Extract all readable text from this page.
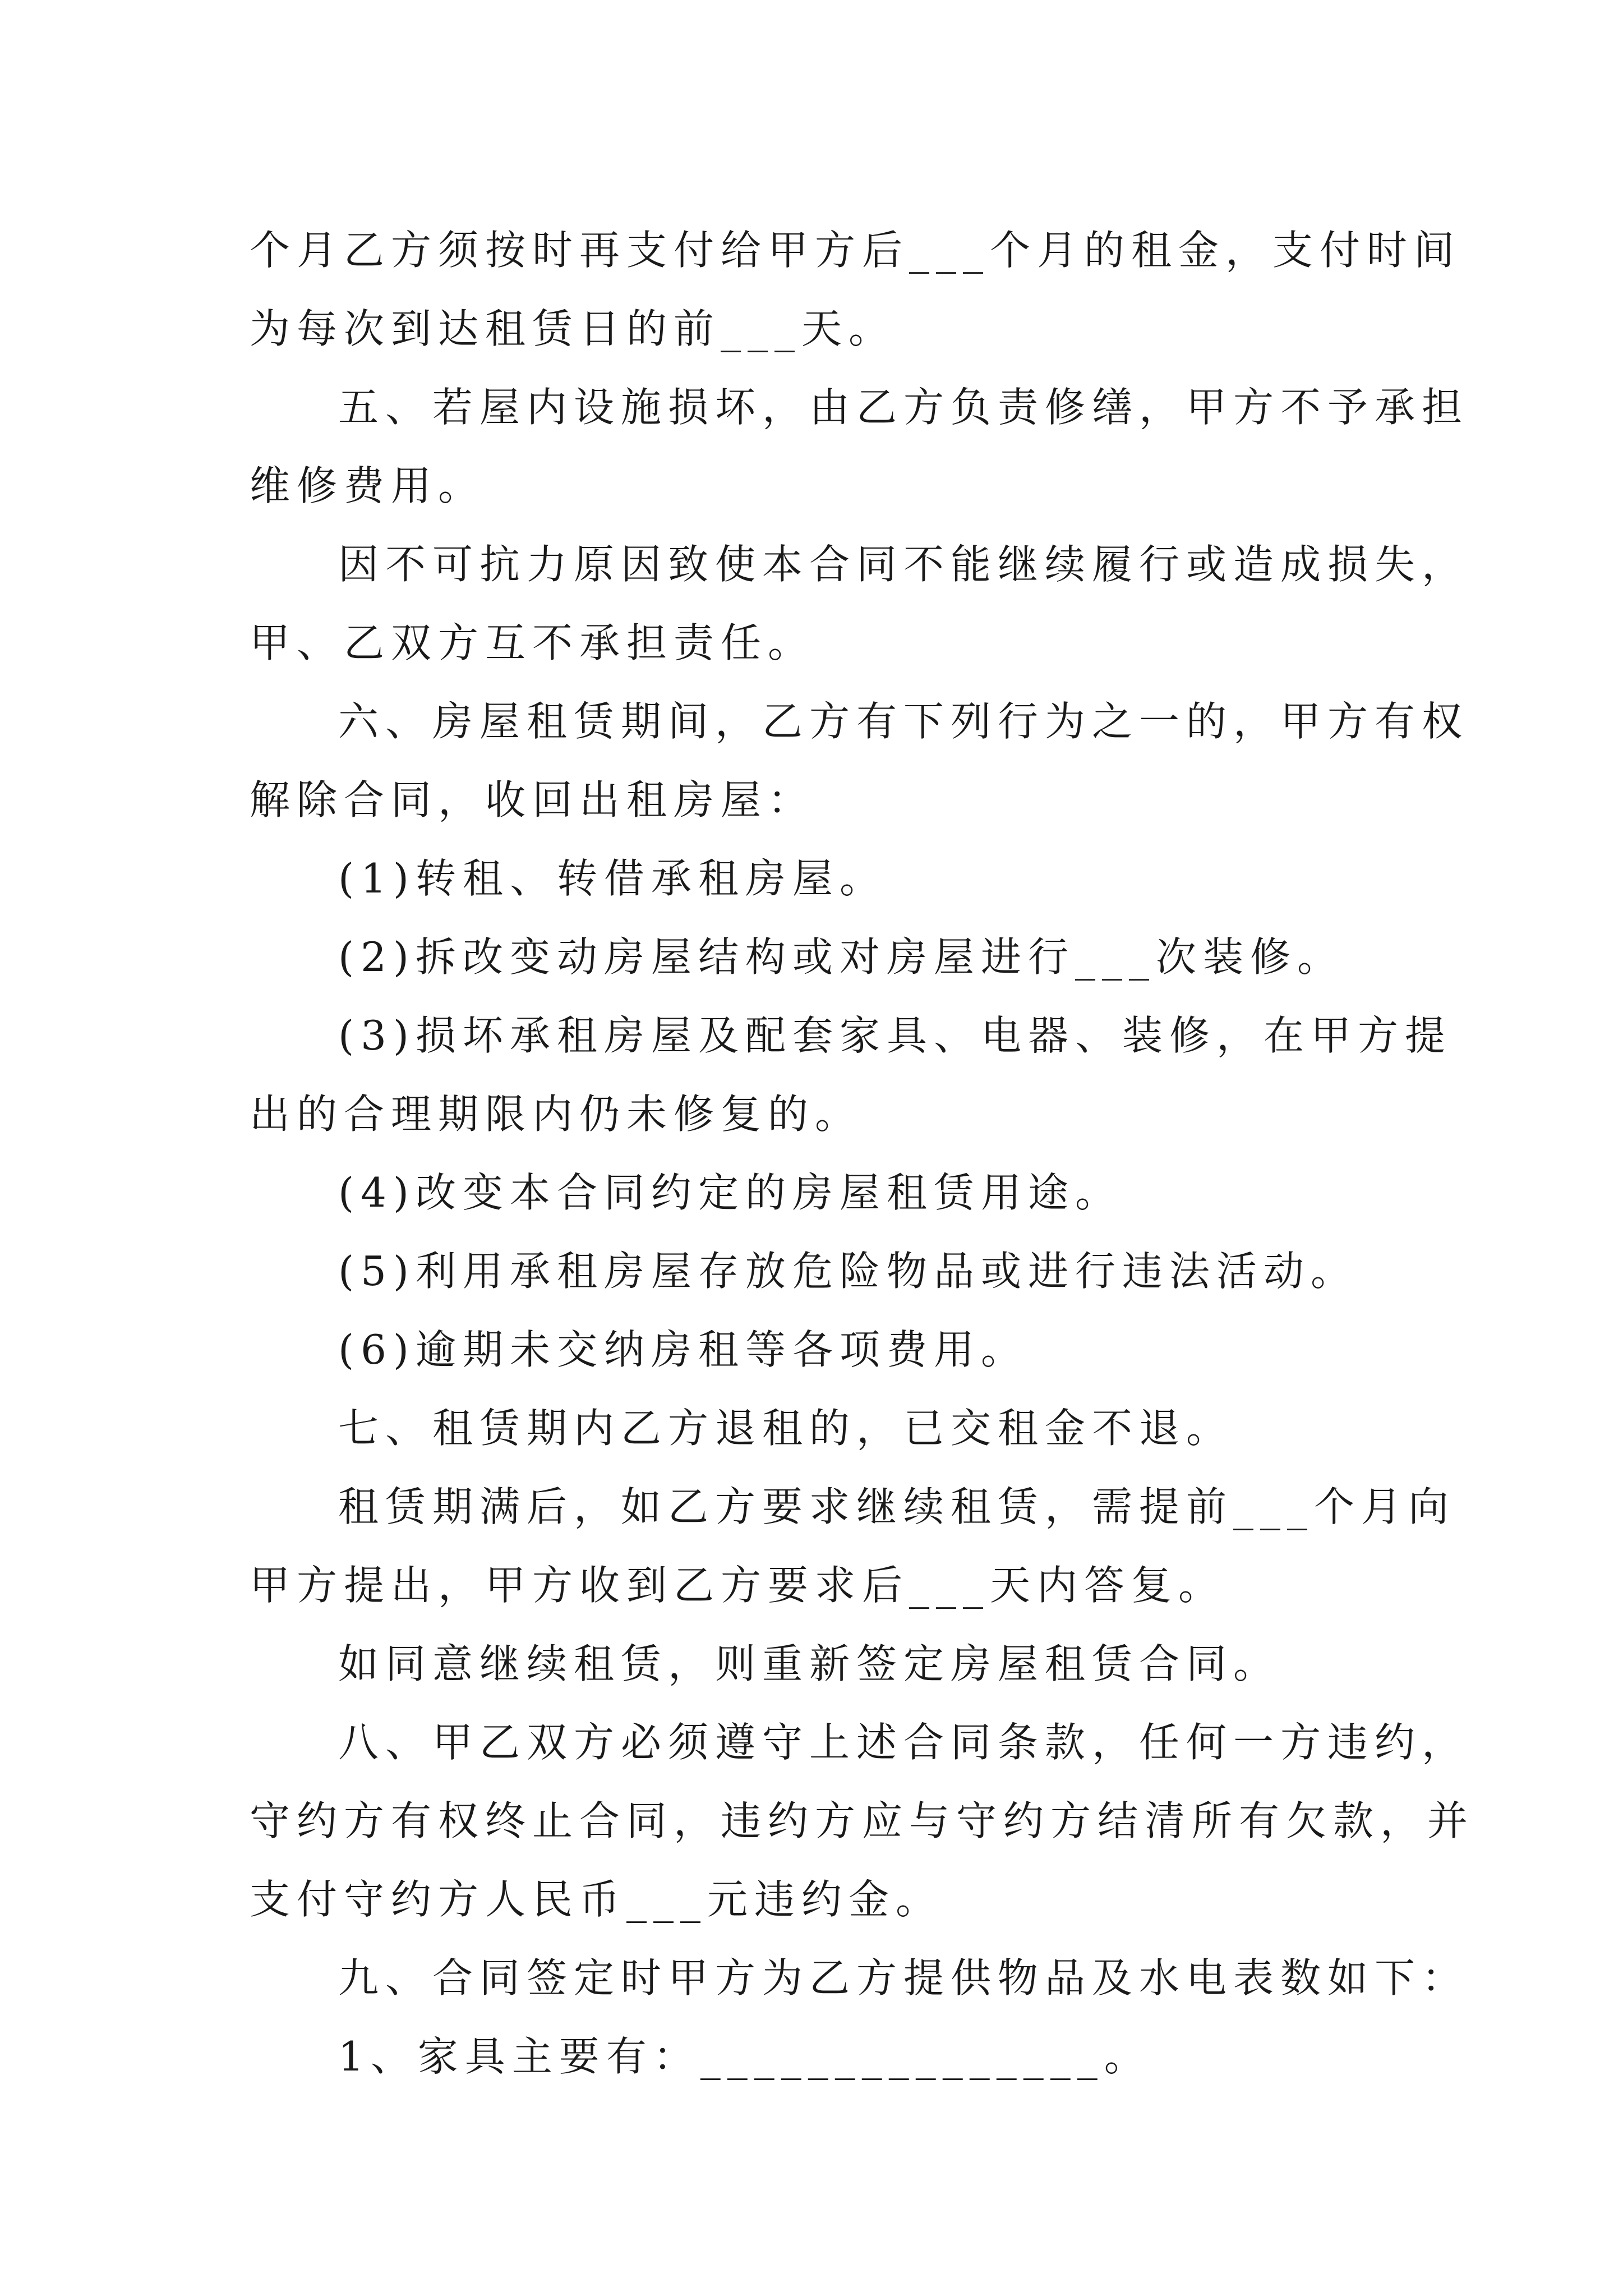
个月乙方须按时再支付给甲方后___个月的租金，支付时间
为每次到达租赁日的前___天。
五、若屋内设施损坏，由乙方负责修缮，甲方不予承担
维修费用。
因不可抗力原因致使本合同不能继续履行或造成损失，
甲、乙双方互不承担责任。
六、房屋租赁期间，乙方有下列行为之一的，甲方有权
解除合同，收回出租房屋：
(1)转租、转借承租房屋。
(2)拆改变动房屋结构或对房屋进行___次装修。
(3)损坏承租房屋及配套家具、电器、装修，在甲方提
出的合理期限内仍未修复的。
(4)改变本合同约定的房屋租赁用途。
(5)利用承租房屋存放危险物品或进行违法活动。
(6)逾期未交纳房租等各项费用。
七、租赁期内乙方退租的，已交租金不退。
租赁期满后，如乙方要求继续租赁，需提前___个月向
甲方提出，甲方收到乙方要求后___天内答复。
如同意继续租赁，则重新签定房屋租赁合同。
八、甲乙双方必须遵守上述合同条款，任何一方违约，
守约方有权终止合同，违约方应与守约方结清所有欠款，并
支付守约方人民币___元违约金。
九、合同签定时甲方为乙方提供物品及水电表数如下：
1、家具主要有：_______________。
